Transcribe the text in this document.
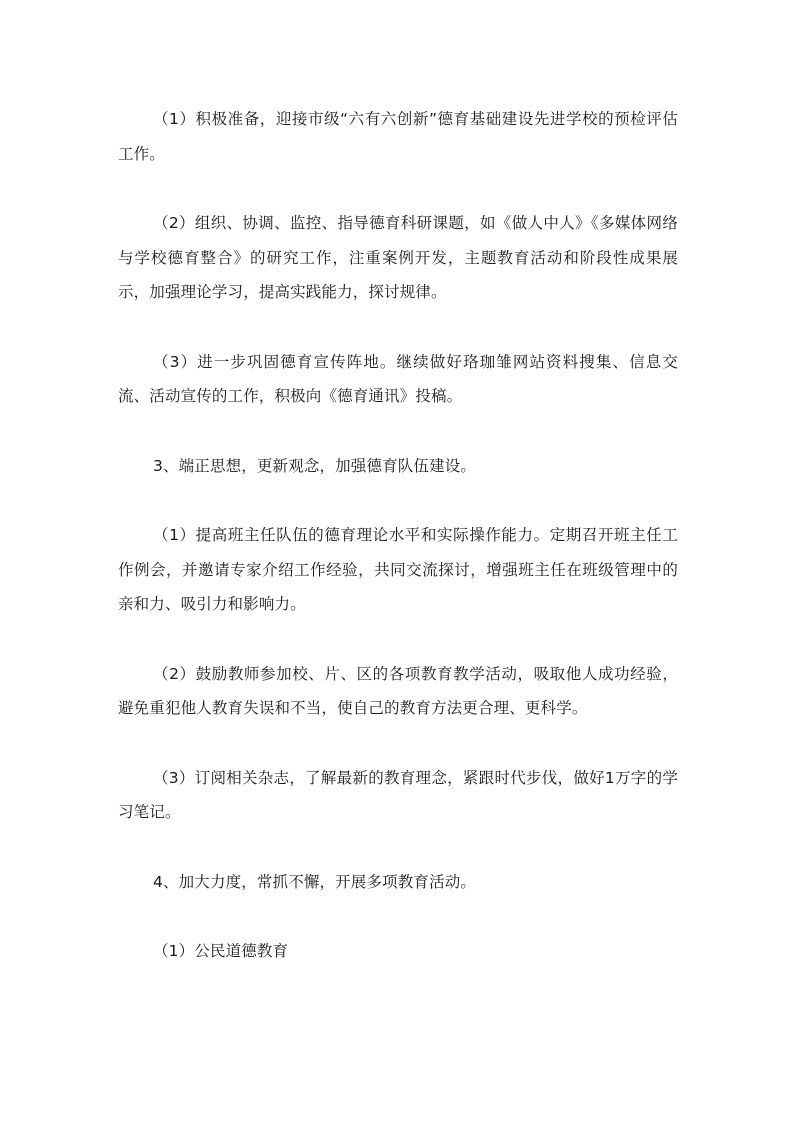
（1）积极准备，迎接市级“六有六创新”德育基础建设先进学校的预检评估工作。

（2）组织、协调、监控、指导德育科研课题，如《做人中人》《多媒体网络与学校德育整合》的研究工作，注重案例开发，主题教育活动和阶段性成果展示，加强理论学习，提高实践能力，探讨规律。

（3）进一步巩固德育宣传阵地。继续做好珞珈雏网站资料搜集、信息交流、活动宣传的工作，积极向《德育通讯》投稿。

3、端正思想，更新观念，加强德育队伍建设。

（1）提高班主任队伍的德育理论水平和实际操作能力。定期召开班主任工作例会，并邀请专家介绍工作经验，共同交流探讨，增强班主任在班级管理中的亲和力、吸引力和影响力。

（2）鼓励教师参加校、片、区的各项教育教学活动，吸取他人成功经验，避免重犯他人教育失误和不当，使自己的教育方法更合理、更科学。

（3）订阅相关杂志，了解最新的教育理念，紧跟时代步伐，做好1万字的学习笔记。

4、加大力度，常抓不懈，开展多项教育活动。

（1）公民道德教育
